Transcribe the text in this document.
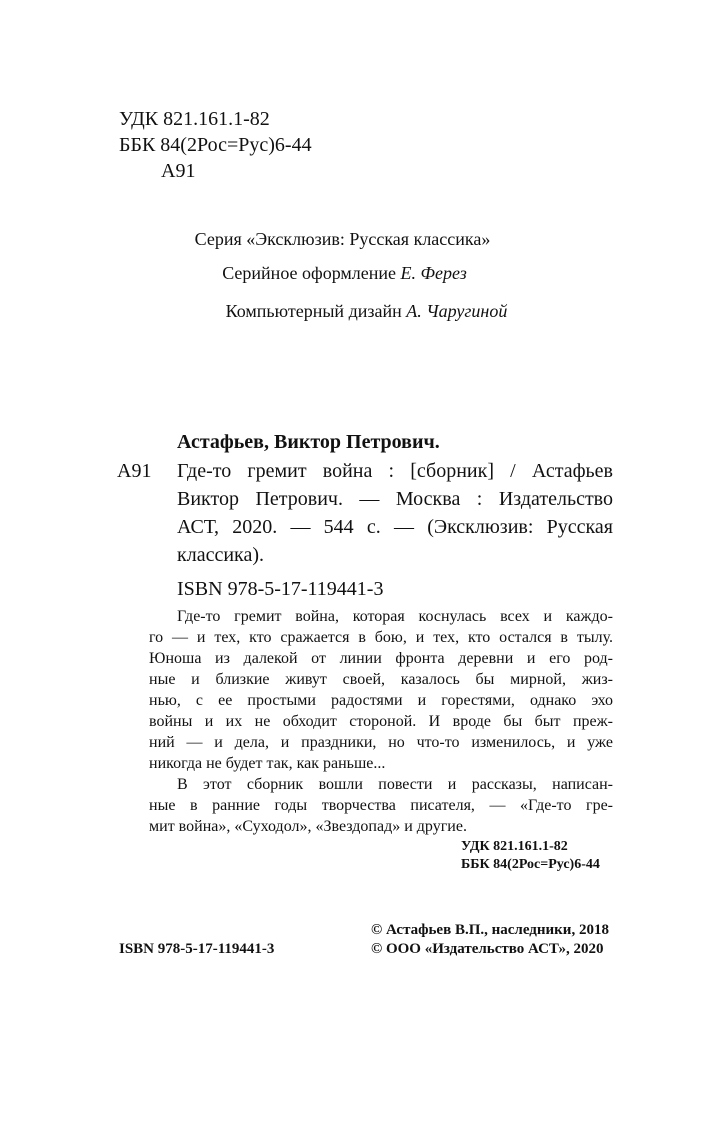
УДК 821.161.1-82
ББК 84(2Рос=Рус)6-44
А91
Серия «Эксклюзив: Русская классика»
Серийное оформление Е. Ферез
Компьютерный дизайн А. Чаругиной
Астафьев, Виктор Петрович.
А91 Где-то гремит война : [сборник] / Астафьев
Виктор Петрович. — Москва : Издательство
АСТ, 2020. — 544 с. — (Эксклюзив: Русская
классика).
ISBN 978-5-17-119441-3
Где-то гремит война, которая коснулась всех и каждо-
го — и тех, кто сражается в бою, и тех, кто остался в тылу.
Юноша из далекой от линии фронта деревни и его род-
ные и близкие живут своей, казалось бы мирной, жиз-
нью, с ее простыми радостями и горестями, однако эхо
войны и их не обходит стороной. И вроде бы быт преж-
ний — и дела, и праздники, но что-то изменилось, и уже
никогда не будет так, как раньше...
В этот сборник вошли повести и рассказы, написан-
ные в ранние годы творчества писателя, — «Где-то гре-
мит война», «Суходол», «Звездопад» и другие.
УДК 821.161.1-82
ББК 84(2Рос=Рус)6-44
ISBN 978-5-17-119441-3
© Астафьев В.П., наследники, 2018
© ООО «Издательство АСТ», 2020
